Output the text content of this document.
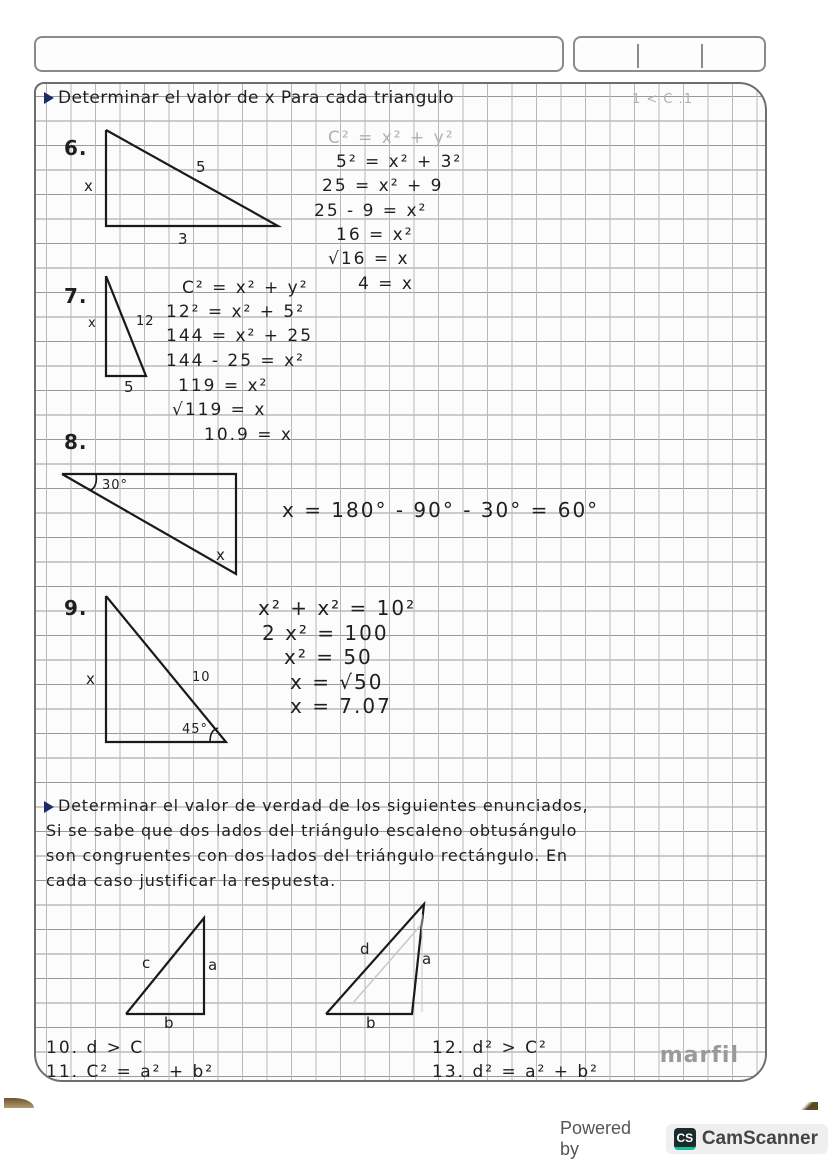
Determinar el valor de x Para cada triangulo	1 < C .1
6.
x
5
3
C² = x² + y²
5² = x² + 3²
25 = x² + 9
25 - 9 = x²
16 = x²
√16 = x
4 = x
7.
x	12
5
C² = x² + y²
12² = x² + 5²
144 = x² + 25
144 - 25 = x²
119 = x²
√119 = x
8.	10.9 = x
30°
x
x = 180° - 90° - 30° = 60°
9.
x	10
45°
x² + x² = 10²
2 x² = 100
x² = 50
x = √50
x = 7.07
Determinar el valor de verdad de los siguientes enunciados,
Si se sabe que dos lados del triángulo escaleno obtusángulo
son congruentes con dos lados del triángulo rectángulo. En
cada caso justificar la respuesta.
c	a
b
d
a
b
10. d > C
11. C² = a² + b²
12. d² > C²
13. d² = a² + b²
marfil
Powered by
CS CamScanner
